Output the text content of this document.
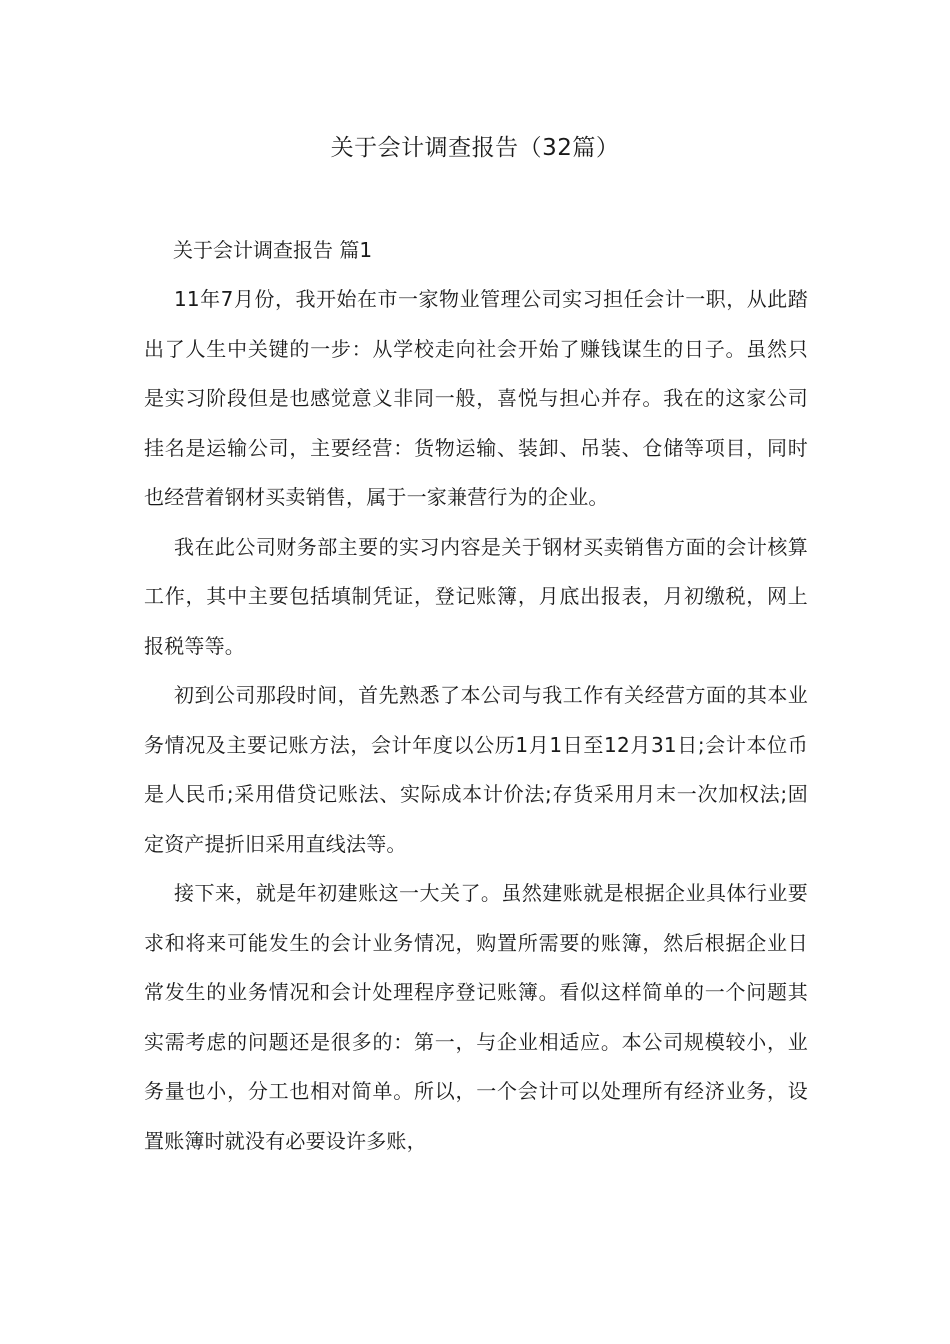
关于会计调查报告（32篇）
关于会计调查报告 篇1

11年7月份，我开始在市一家物业管理公司实习担任会计一职，从此踏出了人生中关键的一步：从学校走向社会开始了赚钱谋生的日子。虽然只是实习阶段但是也感觉意义非同一般，喜悦与担心并存。我在的这家公司挂名是运输公司，主要经营：货物运输、装卸、吊装、仓储等项目，同时也经营着钢材买卖销售，属于一家兼营行为的企业。

我在此公司财务部主要的实习内容是关于钢材买卖销售方面的会计核算工作，其中主要包括填制凭证，登记账簿，月底出报表，月初缴税，网上报税等等。

初到公司那段时间，首先熟悉了本公司与我工作有关经营方面的其本业务情况及主要记账方法，会计年度以公历1月1日至12月31日;会计本位币是人民币;采用借贷记账法、实际成本计价法;存货采用月末一次加权法;固定资产提折旧采用直线法等。

接下来，就是年初建账这一大关了。虽然建账就是根据企业具体行业要求和将来可能发生的会计业务情况，购置所需要的账簿，然后根据企业日常发生的业务情况和会计处理程序登记账簿。看似这样简单的一个问题其实需考虑的问题还是很多的：第一，与企业相适应。本公司规模较小，业务量也小，分工也相对简单。所以，一个会计可以处理所有经济业务，设置账簿时就没有必要设许多账，
